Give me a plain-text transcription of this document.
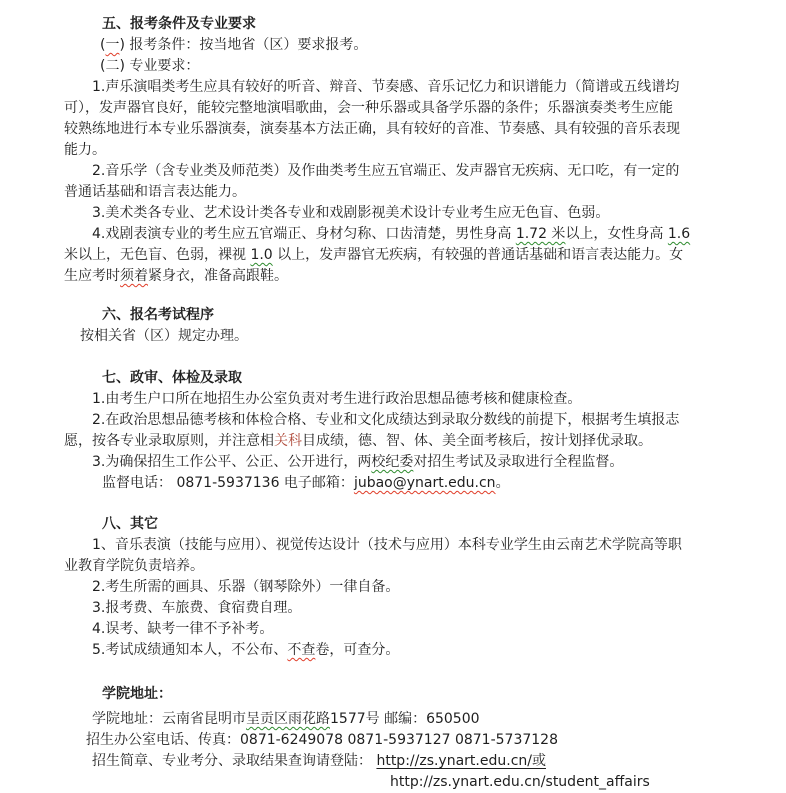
五、报考条件及专业要求
(一) 报考条件：按当地省（区）要求报考。
(二) 专业要求：
1.声乐演唱类考生应具有较好的听音、辩音、节奏感、音乐记忆力和识谱能力（简谱或五线谱均
可），发声器官良好，能较完整地演唱歌曲，会一种乐器或具备学乐器的条件；乐器演奏类考生应能
较熟练地进行本专业乐器演奏，演奏基本方法正确，具有较好的音准、节奏感、具有较强的音乐表现
能力。
2.音乐学（含专业类及师范类）及作曲类考生应五官端正、发声器官无疾病、无口吃，有一定的
普通话基础和语言表达能力。
3.美术类各专业、艺术设计类各专业和戏剧影视美术设计专业考生应无色盲、色弱。
4.戏剧表演专业的考生应五官端正、身材匀称、口齿清楚，男性身高 1.72 米以上，女性身高 1.6
米以上，无色盲、色弱，裸视 1.0 以上，发声器官无疾病，有较强的普通话基础和语言表达能力。女
生应考时须着紧身衣，准备高跟鞋。
六、报名考试程序
按相关省（区）规定办理。
七、政审、体检及录取
1.由考生户口所在地招生办公室负责对考生进行政治思想品德考核和健康检查。
2.在政治思想品德考核和体检合格、专业和文化成绩达到录取分数线的前提下，根据考生填报志
愿，按各专业录取原则，并注意相关科目成绩，德、智、体、美全面考核后，按计划择优录取。
3.为确保招生工作公平、公正、公开进行，两校纪委对招生考试及录取进行全程监督。
监督电话： 0871-5937136 电子邮箱：jubao@ynart.edu.cn。
八、其它
1、音乐表演（技能与应用）、视觉传达设计（技术与应用）本科专业学生由云南艺术学院高等职
业教育学院负责培养。
2.考生所需的画具、乐器（钢琴除外）一律自备。
3.报考费、车旅费、食宿费自理。
4.误考、缺考一律不予补考。
5.考试成绩通知本人，不公布、不查卷，可查分。
学院地址：
学院地址：云南省昆明市呈贡区雨花路1577号 邮编：650500
招生办公室电话、传真：0871-6249078 0871-5937127 0871-5737128
招生简章、专业考分、录取结果查询请登陆： http://zs.ynart.edu.cn/或
http://zs.ynart.edu.cn/student_affairs
